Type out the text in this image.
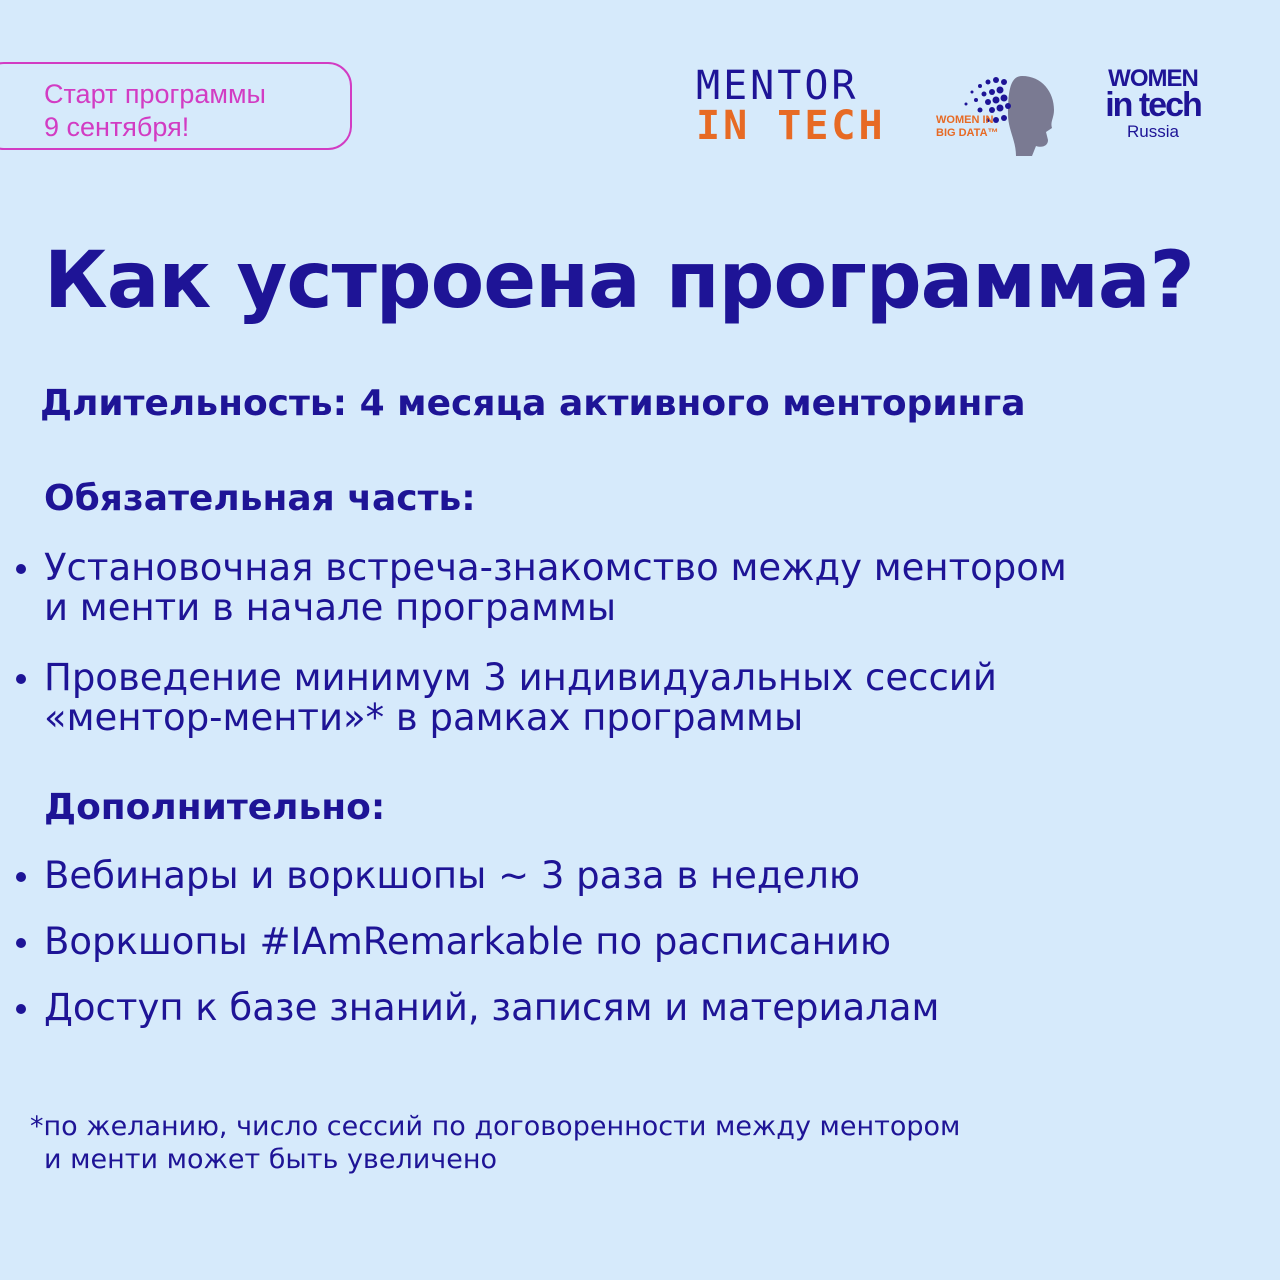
Старт программы
9 сентября!
MENTOR
IN TECH	WOMEN IN
BIG DATA™
WOMEN
in tech
Russia
Как устроена программа?

Длительность: 4 месяца активного менторинга

Обязательная часть:

Установочная встреча-знакомство между ментором
и менти в начале программы
Проведение минимум 3 индивидуальных сессий
«ментор-менти»* в рамках программы

Дополнительно:

Вебинары и воркшопы ~ 3 раза в неделю
Воркшопы #IAmRemarkable по расписанию
Доступ к базе знаний, записям и материалам

*по желанию, число сессий по договоренности между ментором
и менти может быть увеличено
